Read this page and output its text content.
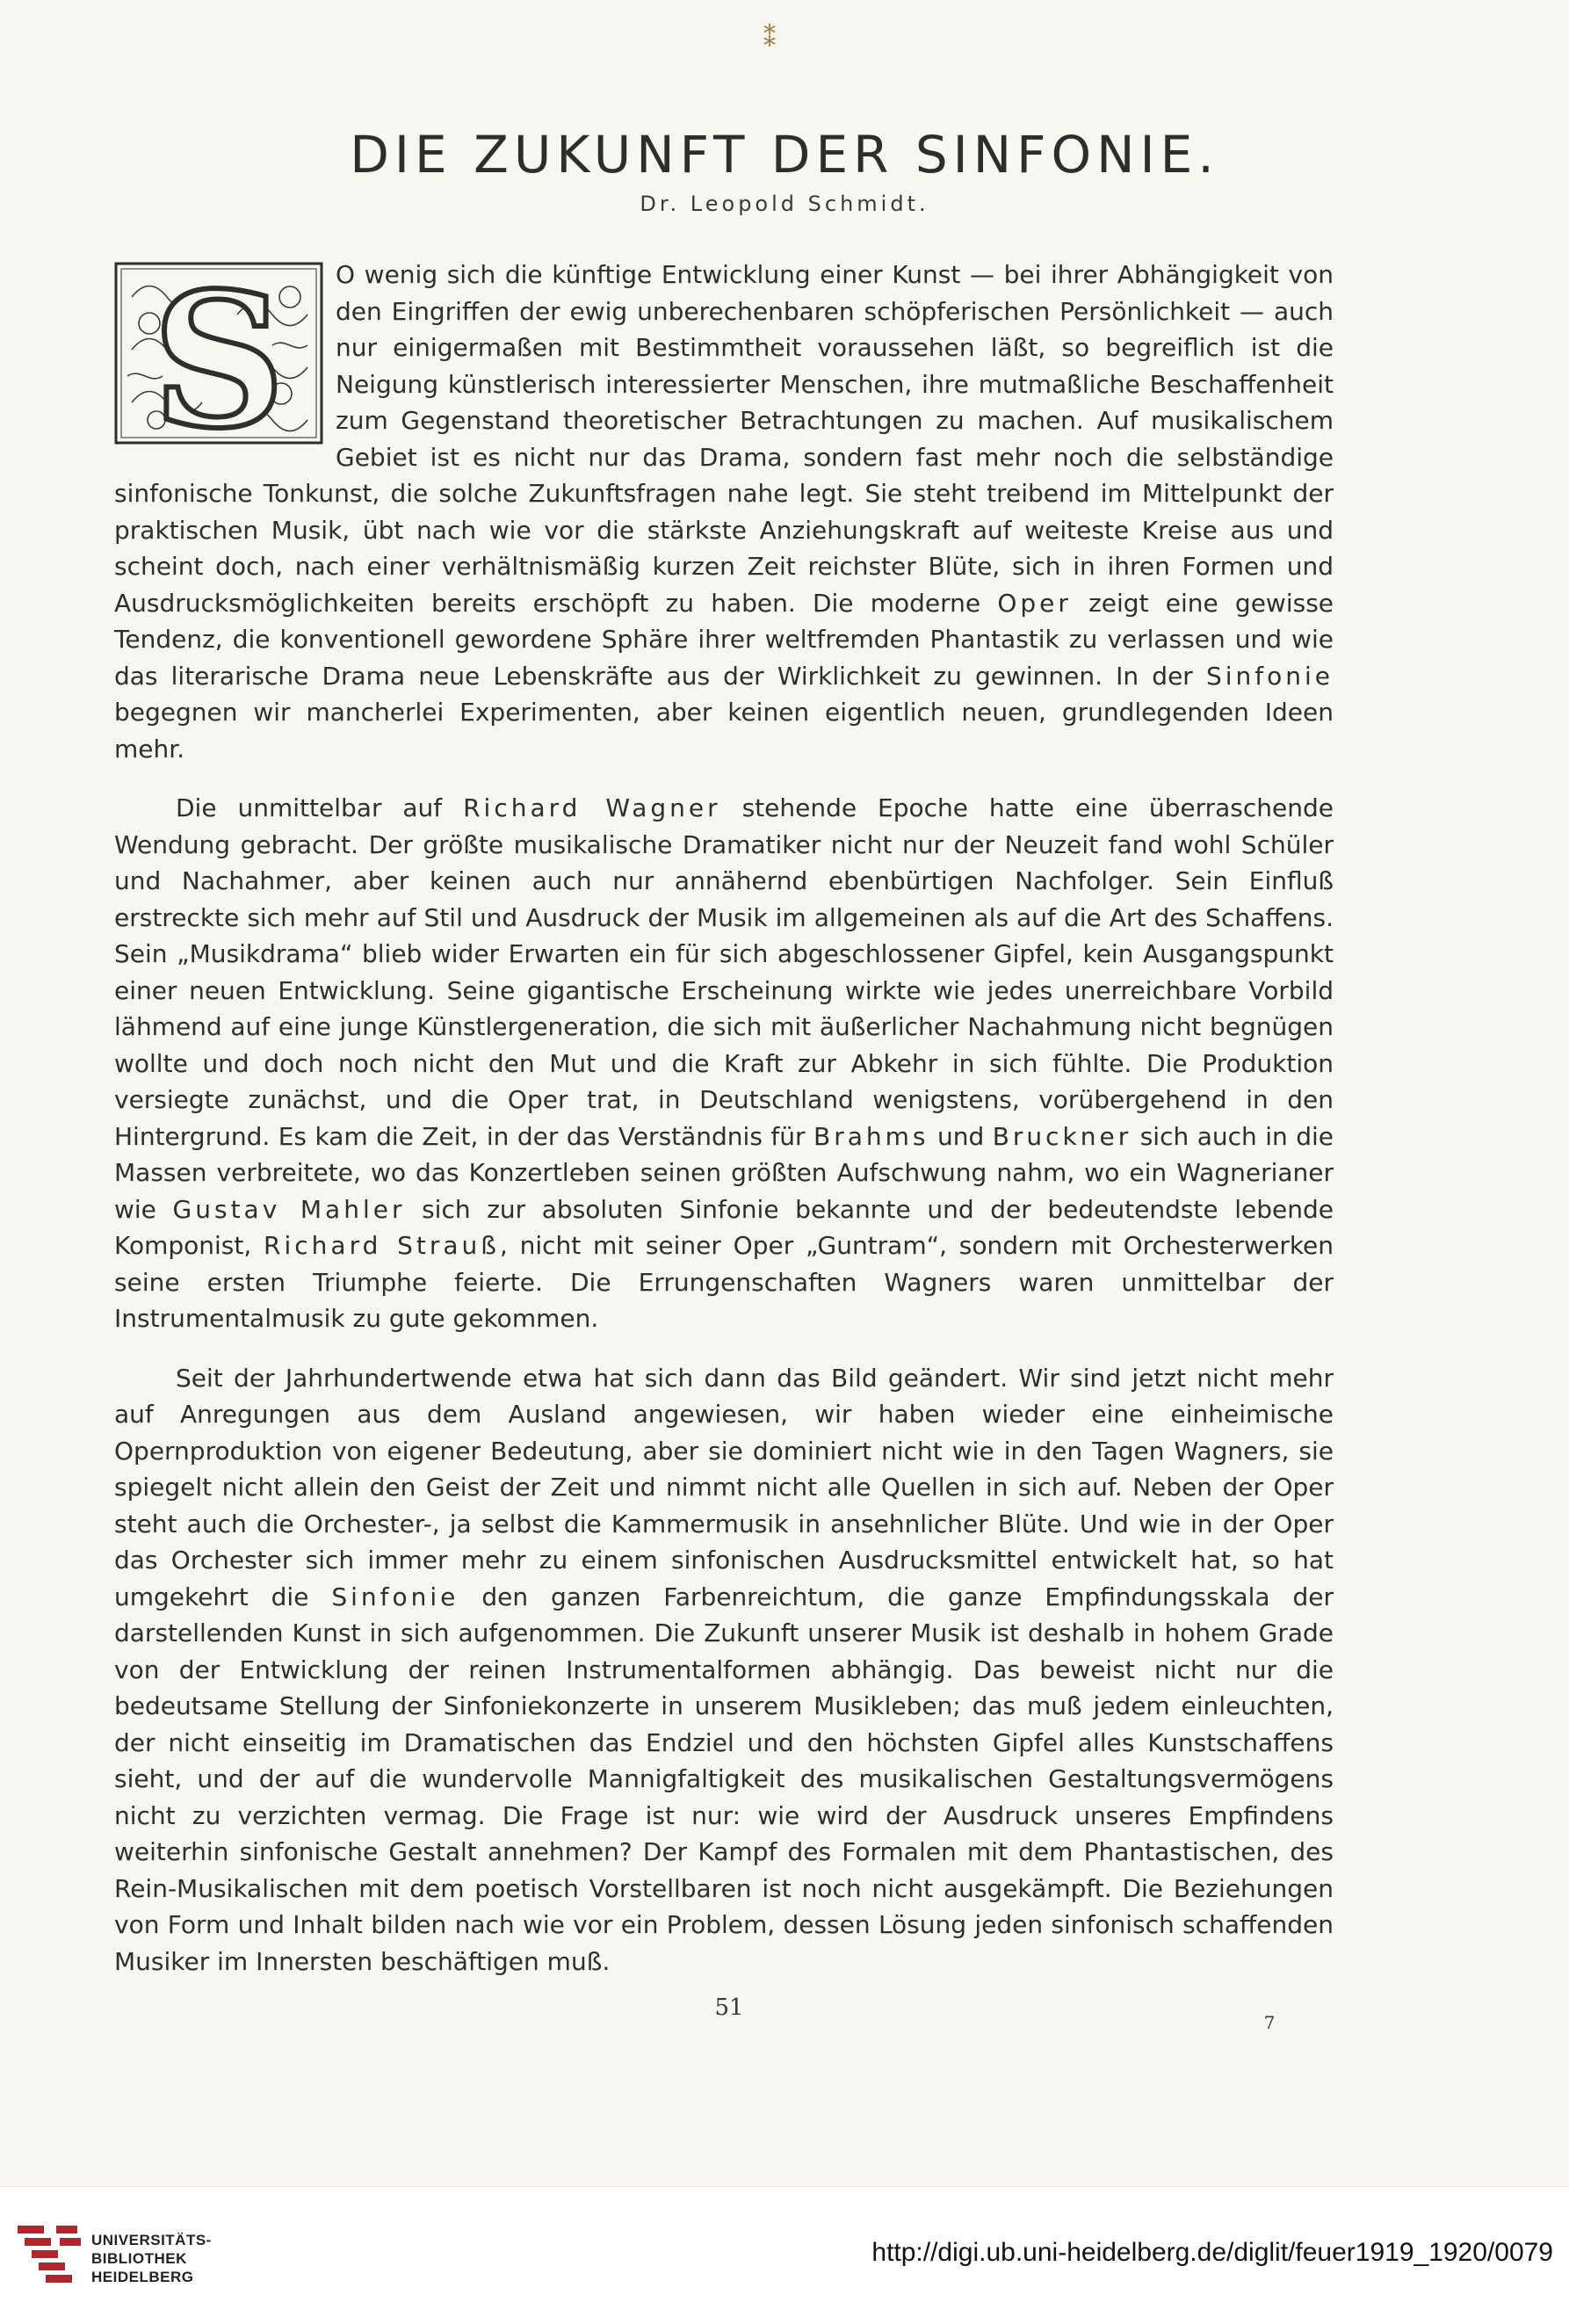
⁑
DIE ZUKUNFT DER SINFONIE.
Dr. Leopold Schmidt.

S O wenig sich die künftige Entwicklung einer Kunst — bei ihrer Abhängigkeit von den Eingriffen der ewig unberechenbaren schöpferischen Persönlichkeit — auch nur einigermaßen mit Bestimmtheit voraussehen läßt, so begreiflich ist die Neigung künstlerisch interessierter Menschen, ihre mutmaßliche Beschaffenheit zum Gegenstand theoretischer Betrachtungen zu machen. Auf musikalischem Gebiet ist es nicht nur das Drama, sondern fast mehr noch die selbständige sinfonische Tonkunst, die solche Zukunftsfragen nahe legt. Sie steht treibend im Mittelpunkt der praktischen Musik, übt nach wie vor die stärkste Anziehungskraft auf weiteste Kreise aus und scheint doch, nach einer verhältnismäßig kurzen Zeit reichster Blüte, sich in ihren Formen und Ausdrucksmöglichkeiten bereits erschöpft zu haben. Die moderne Oper zeigt eine gewisse Tendenz, die konventionell gewordene Sphäre ihrer weltfremden Phantastik zu verlassen und wie das literarische Drama neue Lebenskräfte aus der Wirklichkeit zu gewinnen. In der Sinfonie begegnen wir mancherlei Experimenten, aber keinen eigentlich neuen, grundlegenden Ideen mehr.

Die unmittelbar auf Richard Wagner stehende Epoche hatte eine überraschende Wendung gebracht. Der größte musikalische Dramatiker nicht nur der Neuzeit fand wohl Schüler und Nachahmer, aber keinen auch nur annähernd ebenbürtigen Nachfolger. Sein Einfluß erstreckte sich mehr auf Stil und Ausdruck der Musik im allgemeinen als auf die Art des Schaffens. Sein „Musikdrama“ blieb wider Erwarten ein für sich abgeschlossener Gipfel, kein Ausgangspunkt einer neuen Entwicklung. Seine gigantische Erscheinung wirkte wie jedes unerreichbare Vorbild lähmend auf eine junge Künstlergeneration, die sich mit äußerlicher Nachahmung nicht begnügen wollte und doch noch nicht den Mut und die Kraft zur Abkehr in sich fühlte. Die Produktion versiegte zunächst, und die Oper trat, in Deutschland wenigstens, vorübergehend in den Hintergrund. Es kam die Zeit, in der das Verständnis für Brahms und Bruckner sich auch in die Massen verbreitete, wo das Konzertleben seinen größten Aufschwung nahm, wo ein Wagnerianer wie Gustav Mahler sich zur absoluten Sinfonie bekannte und der bedeutendste lebende Komponist, Richard Strauß, nicht mit seiner Oper „Guntram“, sondern mit Orchesterwerken seine ersten Triumphe feierte. Die Errungenschaften Wagners waren unmittelbar der Instrumentalmusik zu gute gekommen.

Seit der Jahrhundertwende etwa hat sich dann das Bild geändert. Wir sind jetzt nicht mehr auf Anregungen aus dem Ausland angewiesen, wir haben wieder eine einheimische Opernproduktion von eigener Bedeutung, aber sie dominiert nicht wie in den Tagen Wagners, sie spiegelt nicht allein den Geist der Zeit und nimmt nicht alle Quellen in sich auf. Neben der Oper steht auch die Orchester-, ja selbst die Kammermusik in ansehnlicher Blüte. Und wie in der Oper das Orchester sich immer mehr zu einem sinfonischen Ausdrucksmittel entwickelt hat, so hat umgekehrt die Sinfonie den ganzen Farbenreichtum, die ganze Empfindungsskala der darstellenden Kunst in sich aufgenommen. Die Zukunft unserer Musik ist deshalb in hohem Grade von der Entwicklung der reinen Instrumentalformen abhängig. Das beweist nicht nur die bedeutsame Stellung der Sinfoniekonzerte in unserem Musikleben; das muß jedem einleuchten, der nicht einseitig im Dramatischen das Endziel und den höchsten Gipfel alles Kunstschaffens sieht, und der auf die wundervolle Mannigfaltigkeit des musikalischen Gestaltungsvermögens nicht zu verzichten vermag. Die Frage ist nur: wie wird der Ausdruck unseres Empfindens weiterhin sinfonische Gestalt annehmen? Der Kampf des Formalen mit dem Phantastischen, des Rein-Musikalischen mit dem poetisch Vorstellbaren ist noch nicht ausgekämpft. Die Beziehungen von Form und Inhalt bilden nach wie vor ein Problem, dessen Lösung jeden sinfonisch schaffenden Musiker im Innersten beschäftigen muß.

51
7
UNIVERSITÄTS-
BIBLIOTHEK
HEIDELBERG
http://digi.ub.uni-heidelberg.de/diglit/feuer1919_1920/0079
